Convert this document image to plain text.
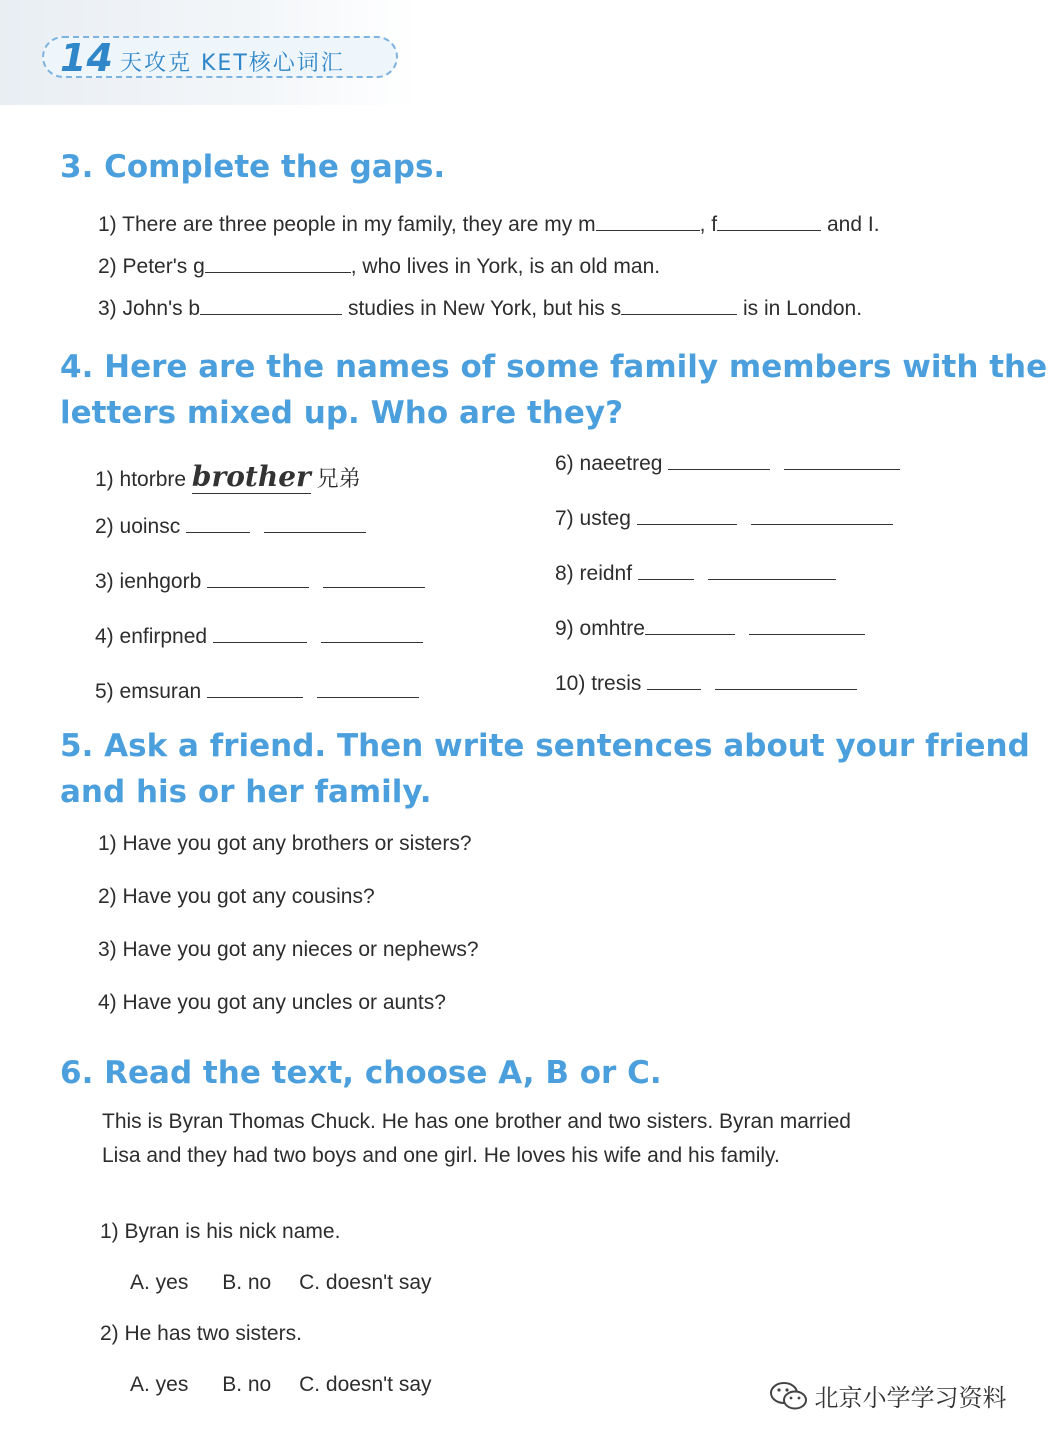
14 天攻克 KET核心词汇
3. Complete the gaps.
1) There are three people in my family, they are my m	, f	and I.
2) Peter's g	, who lives in York, is an old man.
3) John's b	studies in New York, but his s	is in London.
4. Here are the names of some family members with the
letters mixed up. Who are they?
1) htorbre brother 兄弟
2) uoinsc
3) ienhgorb
4) enfirpned
5) emsuran
6) naeetreg
7) usteg
8) reidnf
9) omhtre
10) tresis
5. Ask a friend. Then write sentences about your friend
and his or her family.
1) Have you got any brothers or sisters?
2) Have you got any cousins?
3) Have you got any nieces or nephews?
4) Have you got any uncles or aunts?
6. Read the text, choose A, B or C.
This is Byran Thomas Chuck. He has one brother and two sisters. Byran married
Lisa and they had two boys and one girl. He loves his wife and his family.
1) Byran is his nick name.
A. yes B. no C. doesn't say
2) He has two sisters.
A. yes B. no C. doesn't say	北京小学学习资料
